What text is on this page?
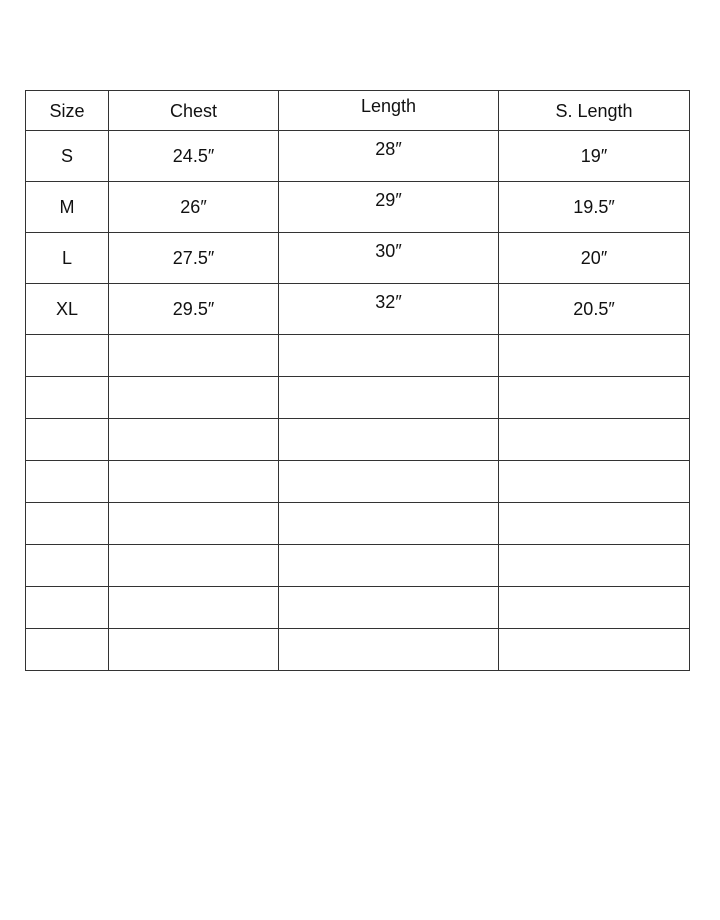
Size	Chest	Length	S. Length
S	24.5″	28″	19″
M	26″	29″	19.5″
L	27.5″	30″	20″
XL	29.5″	32″	20.5″
